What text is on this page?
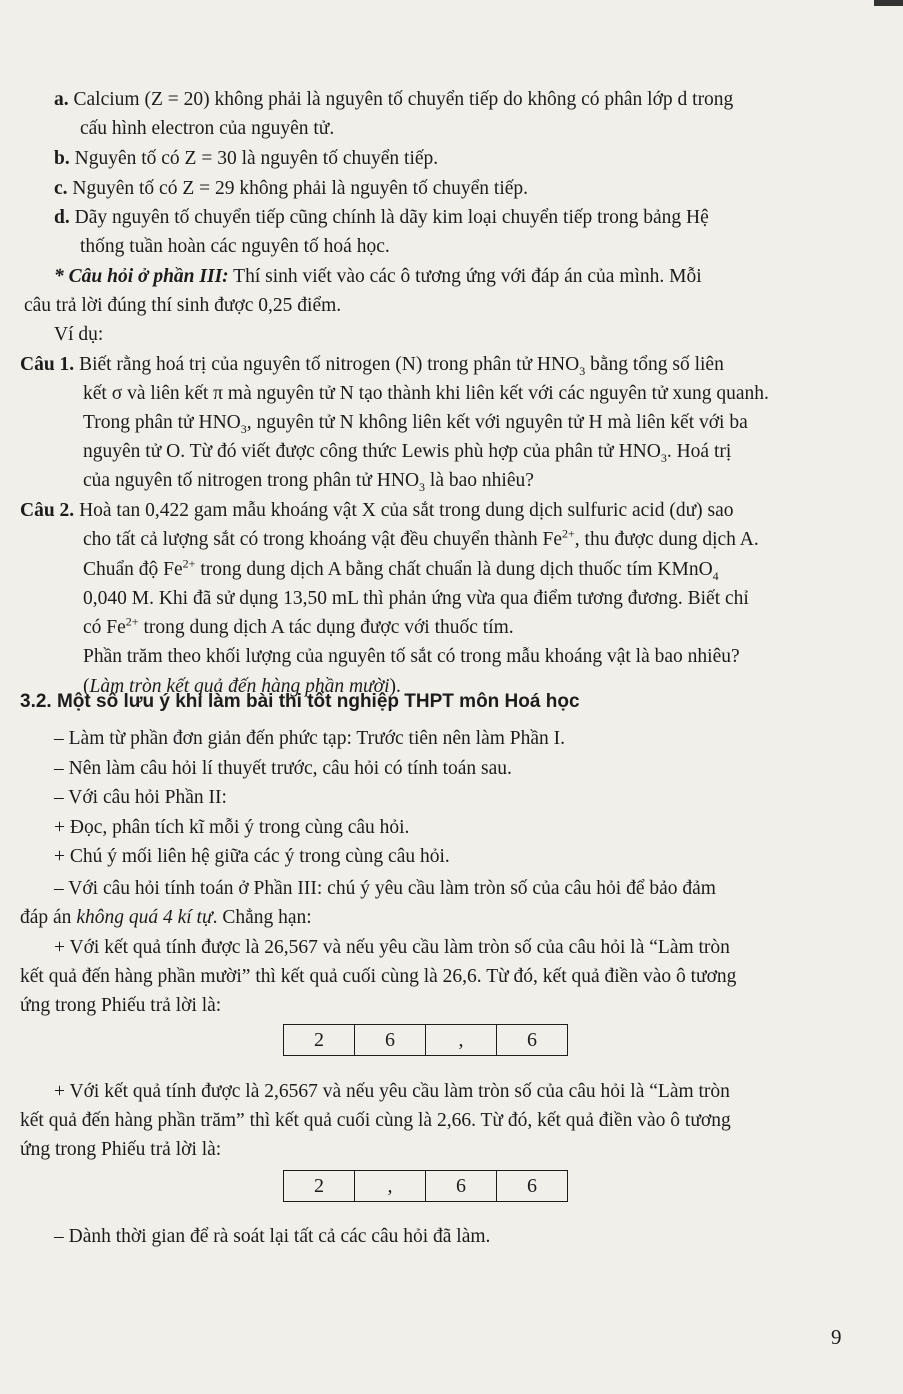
a. Calcium (Z = 20) không phải là nguyên tố chuyển tiếp do không có phân lớp d trong
cấu hình electron của nguyên tử.
b. Nguyên tố có Z = 30 là nguyên tố chuyển tiếp.
c. Nguyên tố có Z = 29 không phải là nguyên tố chuyển tiếp.
d. Dãy nguyên tố chuyển tiếp cũng chính là dãy kim loại chuyển tiếp trong bảng Hệ
thống tuần hoàn các nguyên tố hoá học.
* Câu hỏi ở phần III: Thí sinh viết vào các ô tương ứng với đáp án của mình. Mỗi
câu trả lời đúng thí sinh được 0,25 điểm.
Ví dụ:
Câu 1. Biết rằng hoá trị của nguyên tố nitrogen (N) trong phân tử $HNO_3$ bằng tổng số liên
kết σ và liên kết π mà nguyên tử N tạo thành khi liên kết với các nguyên tử xung quanh.
Trong phân tử $HNO_3$, nguyên tử N không liên kết với nguyên tử H mà liên kết với ba
nguyên tử O. Từ đó viết được công thức Lewis phù hợp của phân tử $HNO_3$. Hoá trị
của nguyên tố nitrogen trong phân tử $HNO_3$ là bao nhiêu?
Câu 2. Hoà tan 0,422 gam mẫu khoáng vật X của sắt trong dung dịch sulfuric acid (dư) sao
cho tất cả lượng sắt có trong khoáng vật đều chuyển thành $Fe^{2+}$, thu được dung dịch A.
Chuẩn độ $Fe^{2+}$ trong dung dịch A bằng chất chuẩn là dung dịch thuốc tím KMnO$_4$
0,040 M. Khi đã sử dụng 13,50 mL thì phản ứng vừa qua điểm tương đương. Biết chỉ
có $Fe^{2+}$ trong dung dịch A tác dụng được với thuốc tím.
Phần trăm theo khối lượng của nguyên tố sắt có trong mẫu khoáng vật là bao nhiêu?
(Làm tròn kết quả đến hàng phần mười).
3.2. Một số lưu ý khi làm bài thi tốt nghiệp THPT môn Hoá học
– Làm từ phần đơn giản đến phức tạp: Trước tiên nên làm Phần I.
– Nên làm câu hỏi lí thuyết trước, câu hỏi có tính toán sau.
– Với câu hỏi Phần II:
+ Đọc, phân tích kĩ mỗi ý trong cùng câu hỏi.
+ Chú ý mối liên hệ giữa các ý trong cùng câu hỏi.
– Với câu hỏi tính toán ở Phần III: chú ý yêu cầu làm tròn số của câu hỏi để bảo đảm
đáp án không quá 4 kí tự. Chẳng hạn:
+ Với kết quả tính được là 26,567 và nếu yêu cầu làm tròn số của câu hỏi là “Làm tròn
kết quả đến hàng phần mười” thì kết quả cuối cùng là 26,6. Từ đó, kết quả điền vào ô tương
ứng trong Phiếu trả lời là:
2	6	,	6
+ Với kết quả tính được là 2,6567 và nếu yêu cầu làm tròn số của câu hỏi là “Làm tròn
kết quả đến hàng phần trăm” thì kết quả cuối cùng là 2,66. Từ đó, kết quả điền vào ô tương
ứng trong Phiếu trả lời là:
2	,	6	6
– Dành thời gian để rà soát lại tất cả các câu hỏi đã làm.
9
